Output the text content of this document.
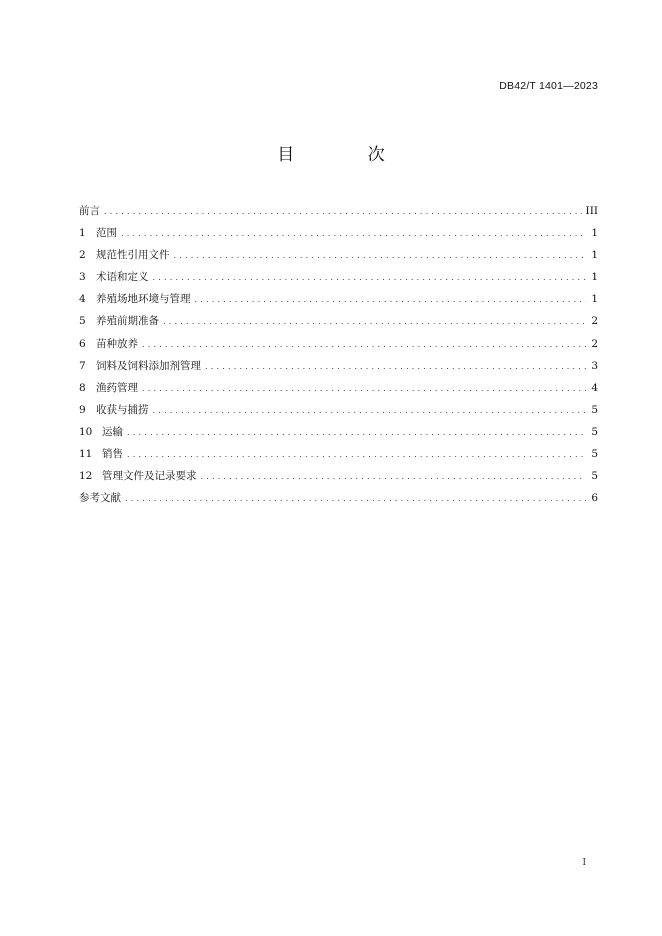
DB42/T 1401—2023
目 次
前言 .....	III
1 范围 .....	1
2 规范性引用文件 .....	1
3 术语和定义 .....	1
4 养殖场地环境与管理 .....	1
5 养殖前期准备 .....	2
6 苗种放养 .....	2
7 饲料及饲料添加剂管理 .....	3
8 渔药管理 .....	4
9 收获与捕捞 .....	5
10 运输 .....	5
11 销售 .....	5
12 管理文件及记录要求 .....	5
参考文献 .....	6
I
